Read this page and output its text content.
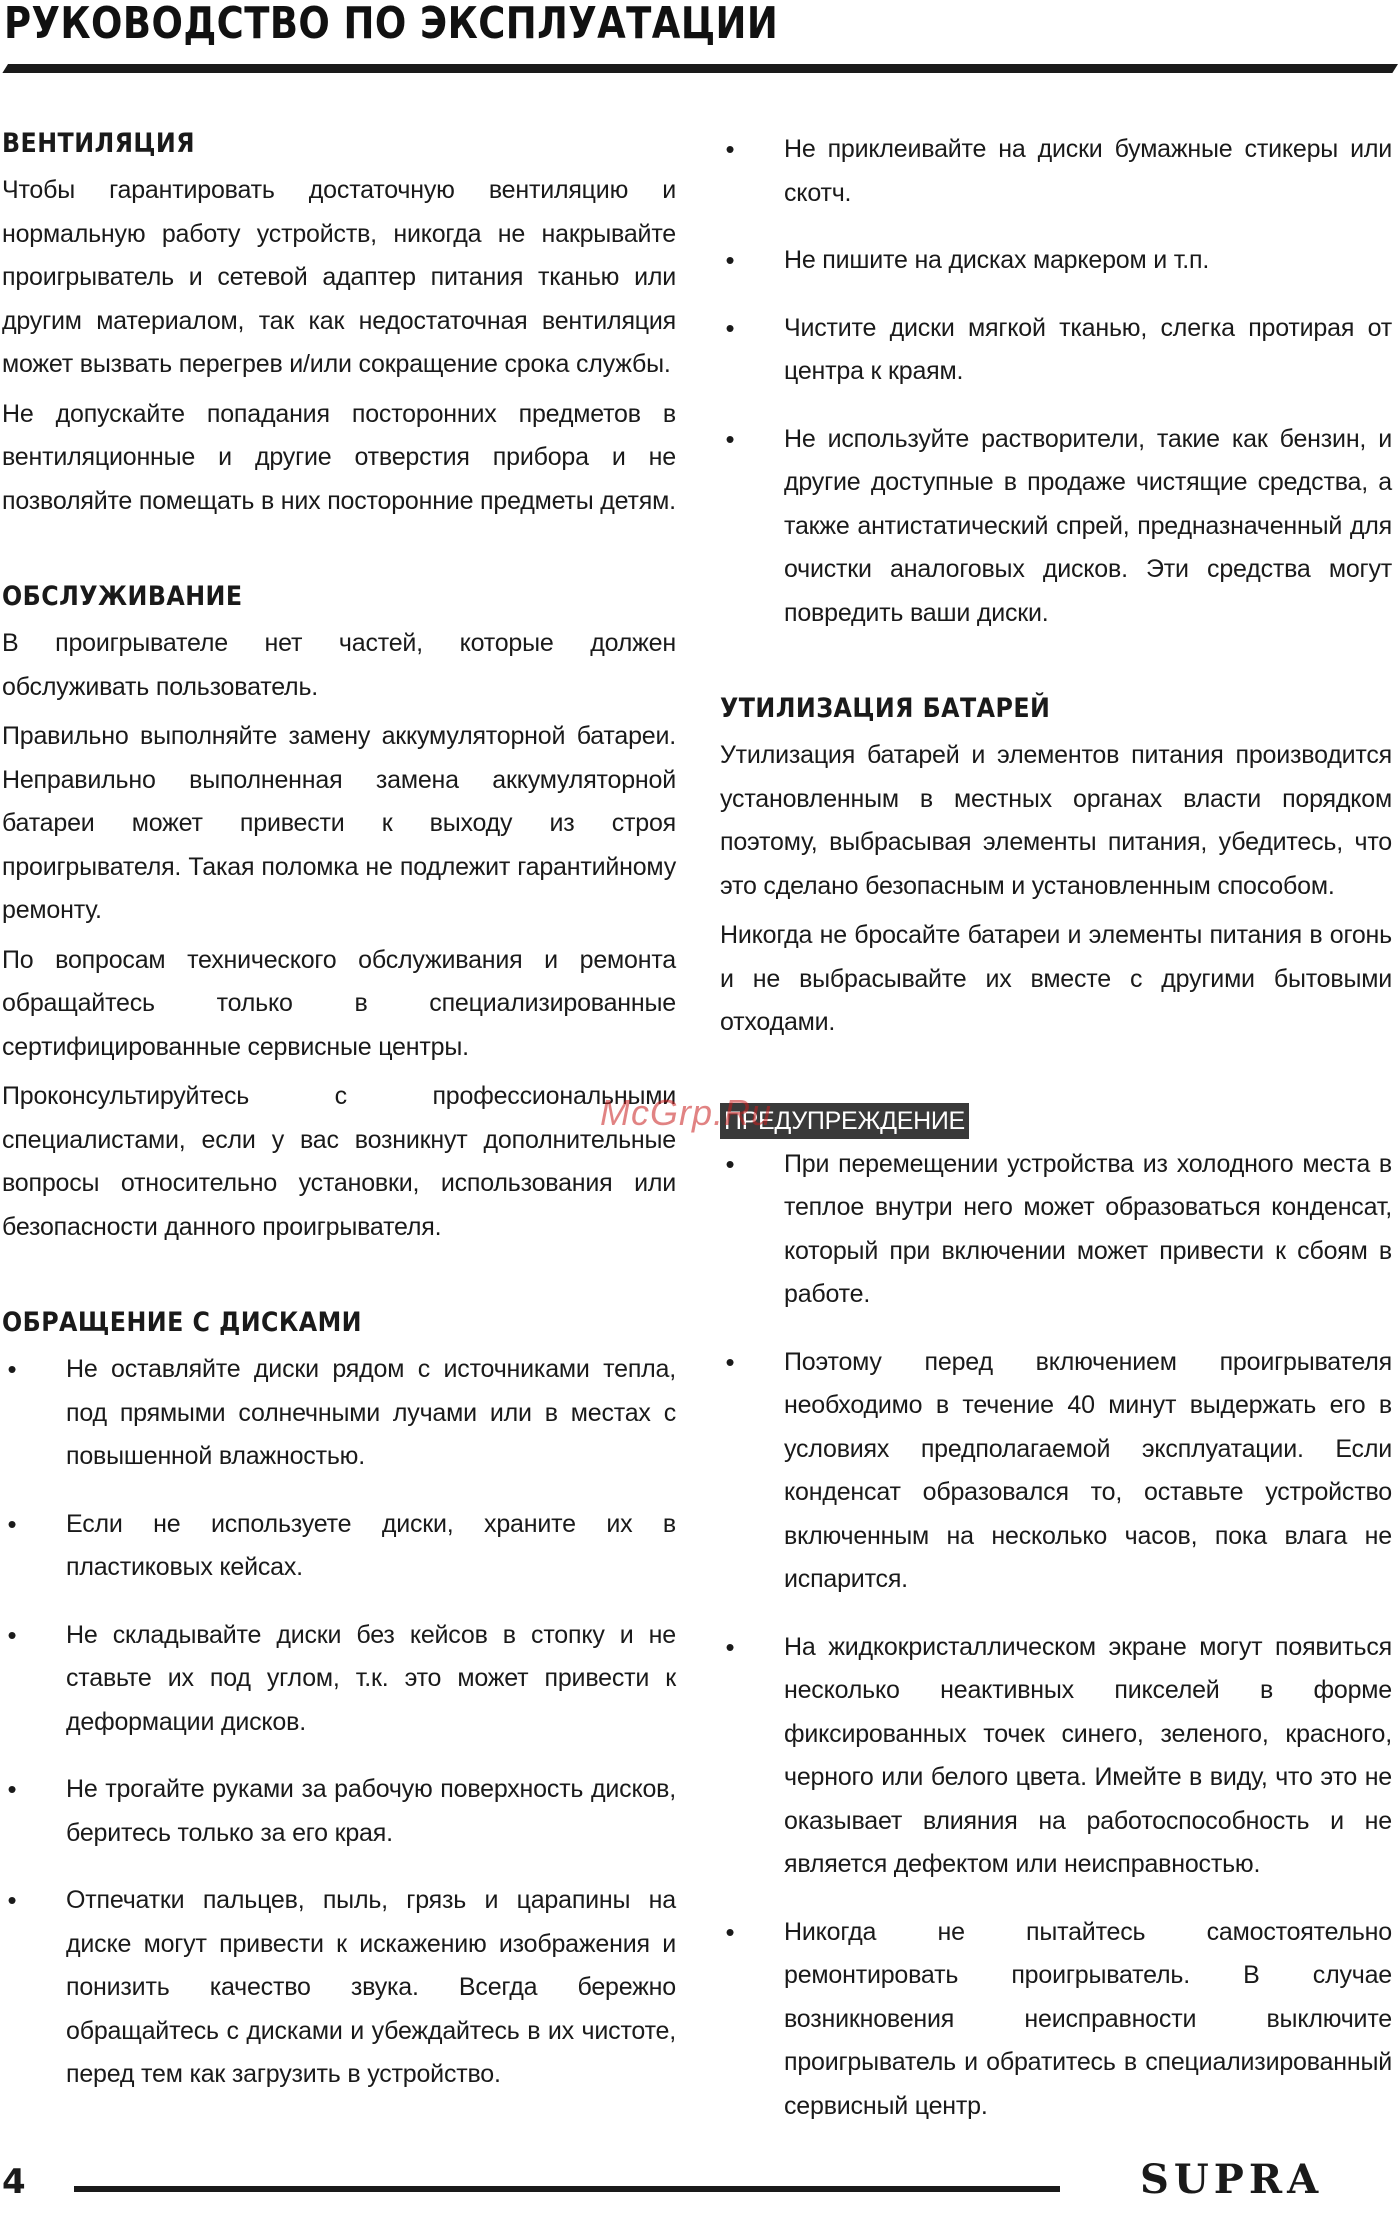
РУКОВОДСТВО ПО ЭКСПЛУАТАЦИИ
ВЕНТИЛЯЦИЯ

Чтобы гарантировать достаточную вентиляцию и нормальную работу устройств, никогда не накрывайте проигрыватель и сетевой адаптер питания тканью или другим материалом, так как недостаточная вентиляция может вызвать перегрев и/или сокращение срока службы.

Не допускайте попадания посторонних предметов в вентиляционные и другие отверстия прибора и не позволяйте помещать в них посторонние предметы детям.

ОБСЛУЖИВАНИЕ

В проигрывателе нет частей, которые должен обслуживать пользователь.

Правильно выполняйте замену аккумуляторной батареи. Неправильно выполненная замена аккумуляторной батареи может привести к выходу из строя проигрывателя. Такая поломка не подлежит гарантийному ремонту.

По вопросам технического обслуживания и ремонта обращайтесь только в специализированные сертифицированные сервисные центры.

Проконсультируйтесь с профессиональными специалистами, если у вас возникнут дополнительные вопросы относительно установки, использования или безопасности данного проигрывателя.

ОБРАЩЕНИЕ С ДИСКАМИ
• Не оставляйте диски рядом с источниками тепла, под прямыми солнечными лучами или в местах с повышенной влажностью.
• Если не используете диски, храните их в пластиковых кейсах.
• Не складывайте диски без кейсов в стопку и не ставьте их под углом, т.к. это может привести к деформации дисков.
• Не трогайте руками за рабочую поверхность дисков, беритесь только за его края.
• Отпечатки пальцев, пыль, грязь и царапины на диске могут привести к искажению изображения и понизить качество звука. Всегда бережно обращайтесь с дисками и убеждайтесь в их чистоте, перед тем как загрузить в устройство.
• Не приклеивайте на диски бумажные стикеры или скотч.
• Не пишите на дисках маркером и т.п.
• Чистите диски мягкой тканью, слегка протирая от центра к краям.
• Не используйте растворители, такие как бензин, и другие доступные в продаже чистящие средства, а также антистатический спрей, предназначенный для очистки аналоговых дисков. Эти средства могут повредить ваши диски.
УТИЛИЗАЦИЯ БАТАРЕЙ

Утилизация батарей и элементов питания производится установленным в местных органах власти порядком поэтому, выбрасывая элементы питания, убедитесь, что это сделано безопасным и установленным способом.

Никогда не бросайте батареи и элементы питания в огонь и не выбрасывайте их вместе с другими бытовыми отходами.

ПРЕДУПРЕЖДЕНИЕ
• При перемещении устройства из холодного места в теплое внутри него может образоваться конденсат, который при включении может привести к сбоям в работе.
• Поэтому перед включением проигрывателя необходимо в течение 40 минут выдержать его в условиях предполагаемой эксплуатации. Если конденсат образовался то, оставьте устройство включенным на несколько часов, пока влага не испарится.
• На жидкокристаллическом экране могут появиться несколько неактивных пикселей в форме фиксированных точек синего, зеленого, красного, черного или белого цвета. Имейте в виду, что это не оказывает влияния на работоспособность и не является дефектом или неисправностью.
• Никогда не пытайтесь самостоятельно ремонтировать проигрыватель. В случае возникновения неисправности выключите проигрыватель и обратитесь в специализированный сервисный центр.
McGrp.Ru
4	SUPRA
